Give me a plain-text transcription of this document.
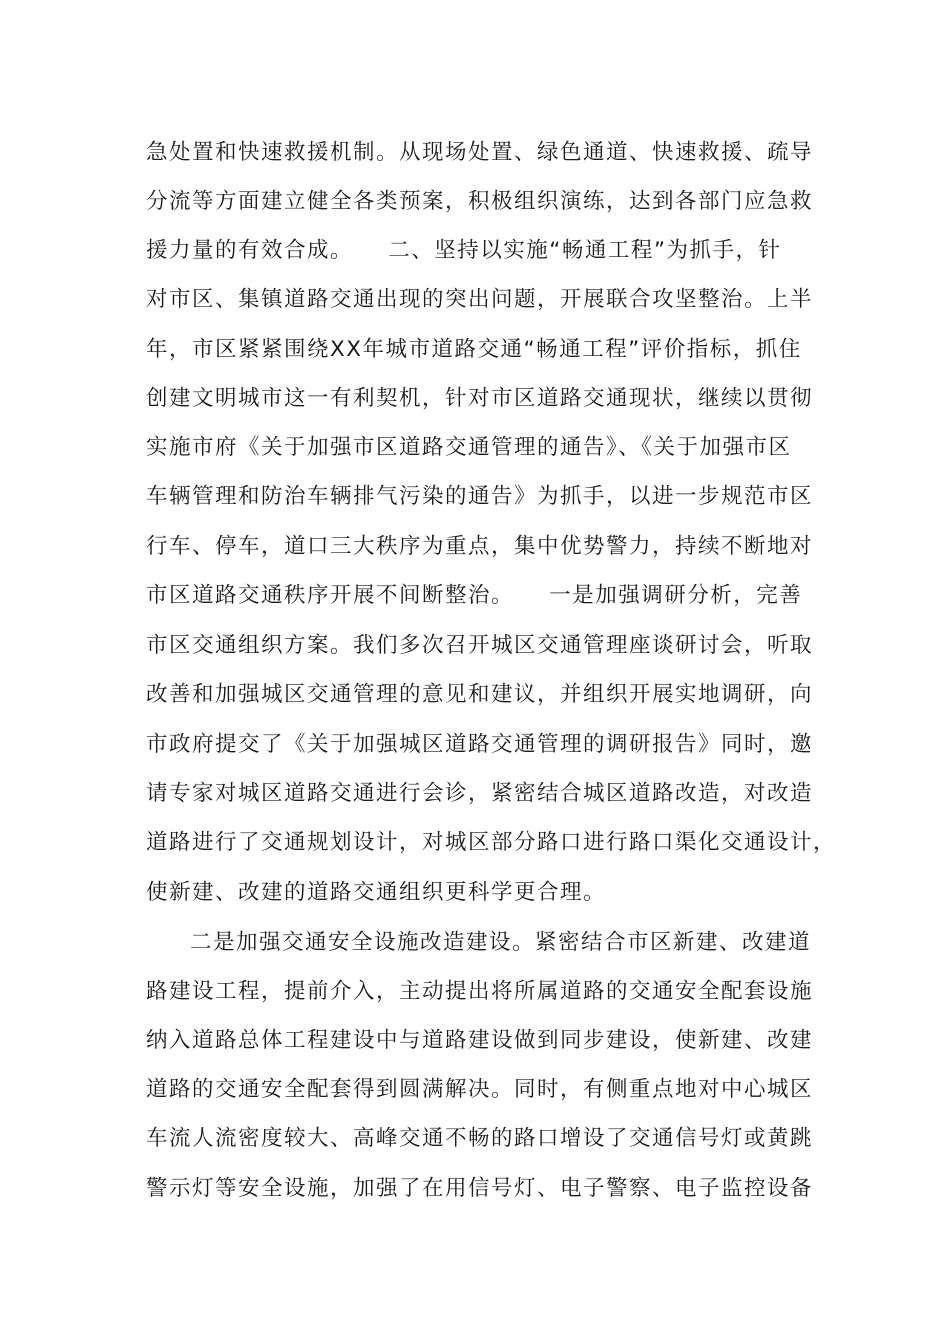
急处置和快速救援机制。从现场处置、绿色通道、快速救援、疏导
分流等方面建立健全各类预案，积极组织演练，达到各部门应急救
援力量的有效合成。　　二、坚持以实施“畅通工程”为抓手，针
对市区、集镇道路交通出现的突出问题，开展联合攻坚整治。上半
年，市区紧紧围绕XX年城市道路交通“畅通工程”评价指标，抓住
创建文明城市这一有利契机，针对市区道路交通现状，继续以贯彻
实施市府《关于加强市区道路交通管理的通告》、《关于加强市区
车辆管理和防治车辆排气污染的通告》为抓手，以进一步规范市区
行车、停车，道口三大秩序为重点，集中优势警力，持续不断地对
市区道路交通秩序开展不间断整治。　　一是加强调研分析，完善
市区交通组织方案。我们多次召开城区交通管理座谈研讨会，听取
改善和加强城区交通管理的意见和建议，并组织开展实地调研，向
市政府提交了《关于加强城区道路交通管理的调研报告》同时，邀
请专家对城区道路交通进行会诊，紧密结合城区道路改造，对改造
道路进行了交通规划设计，对城区部分路口进行路口渠化交通设计，
使新建、改建的道路交通组织更科学更合理。
二是加强交通安全设施改造建设。紧密结合市区新建、改建道
路建设工程，提前介入，主动提出将所属道路的交通安全配套设施
纳入道路总体工程建设中与道路建设做到同步建设，使新建、改建
道路的交通安全配套得到圆满解决。同时，有侧重点地对中心城区
车流人流密度较大、高峰交通不畅的路口增设了交通信号灯或黄跳
警示灯等安全设施，加强了在用信号灯、电子警察、电子监控设备
